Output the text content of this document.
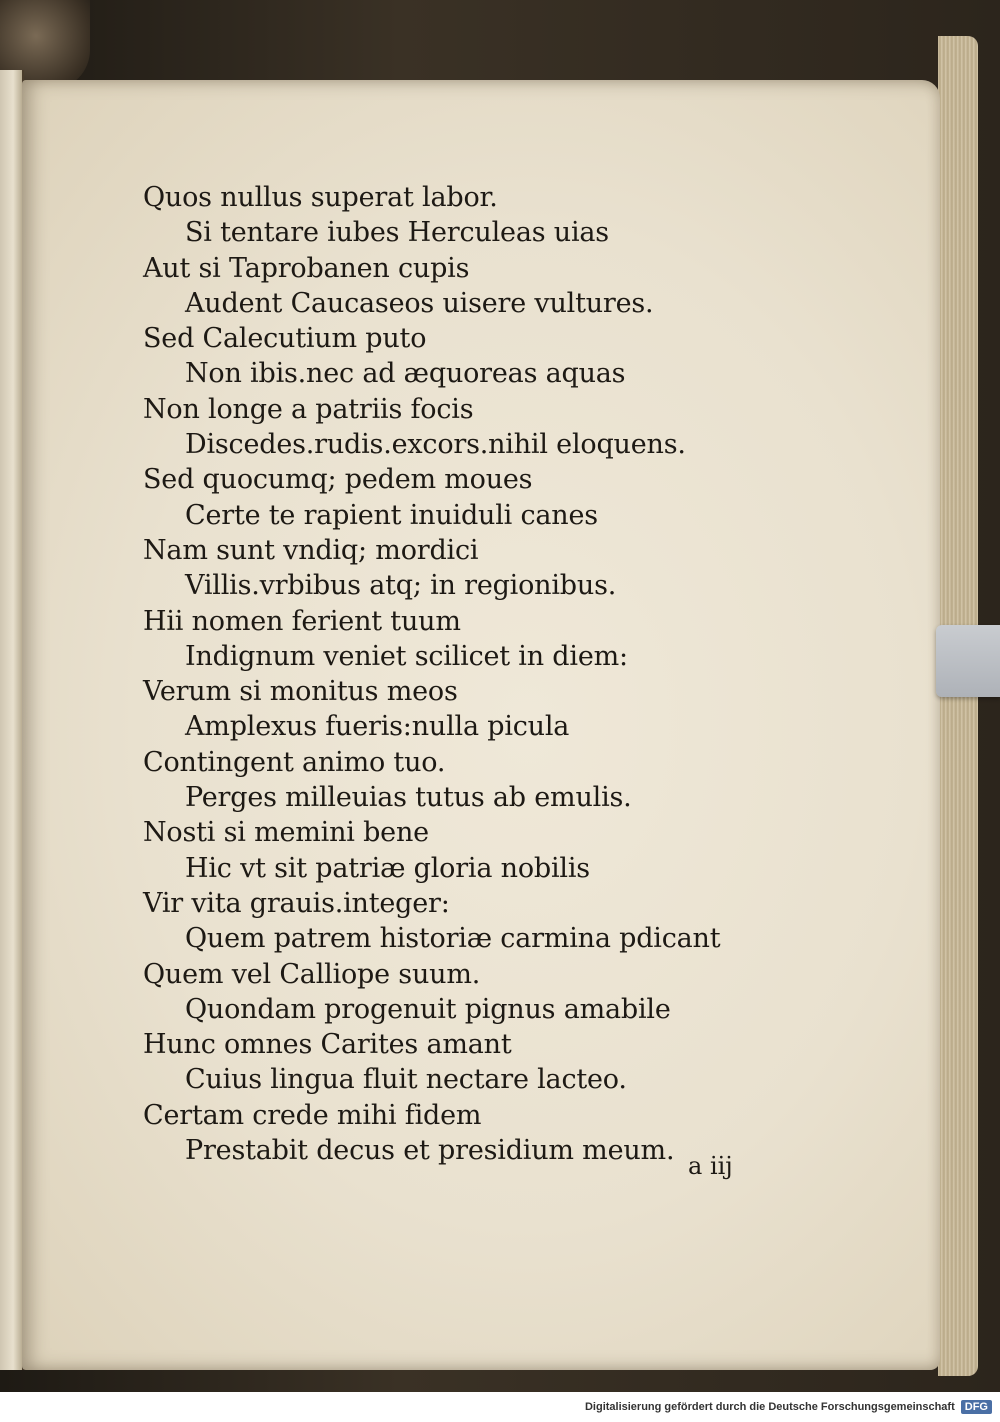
Quos nullus superat labor.
Si tentare iubes Herculeas uias
Aut si Taprobanen cupis
Audent Caucaseos uisere vultures.
Sed Calecutium puto
Non ibis.nec ad æquoreas aquas
Non longe a patriis focis
Discedes.rudis.excors.nihil eloquens.
Sed quocumq; pedem moues
Certe te rapient inuiduli canes
Nam sunt vndiq; mordici
Villis.vrbibus atq; in regionibus.
Hii nomen ferient tuum
Indignum veniet scilicet in diem:
Verum si monitus meos
Amplexus fueris:nulla picula
Contingent animo tuo.
Perges milleuias tutus ab emulis.
Nosti si memini bene
Hic vt sit patriæ gloria nobilis
Vir vita grauis.integer:
Quem patrem historiæ carmina pdicant
Quem vel Calliope suum.
Quondam progenuit pignus amabile
Hunc omnes Carites amant
Cuius lingua fluit nectare lacteo.
Certam crede mihi fidem
Prestabit decus et presidium meum. a iij
Digitalisierung gefördert durch die Deutsche Forschungsgemeinschaft DFG
